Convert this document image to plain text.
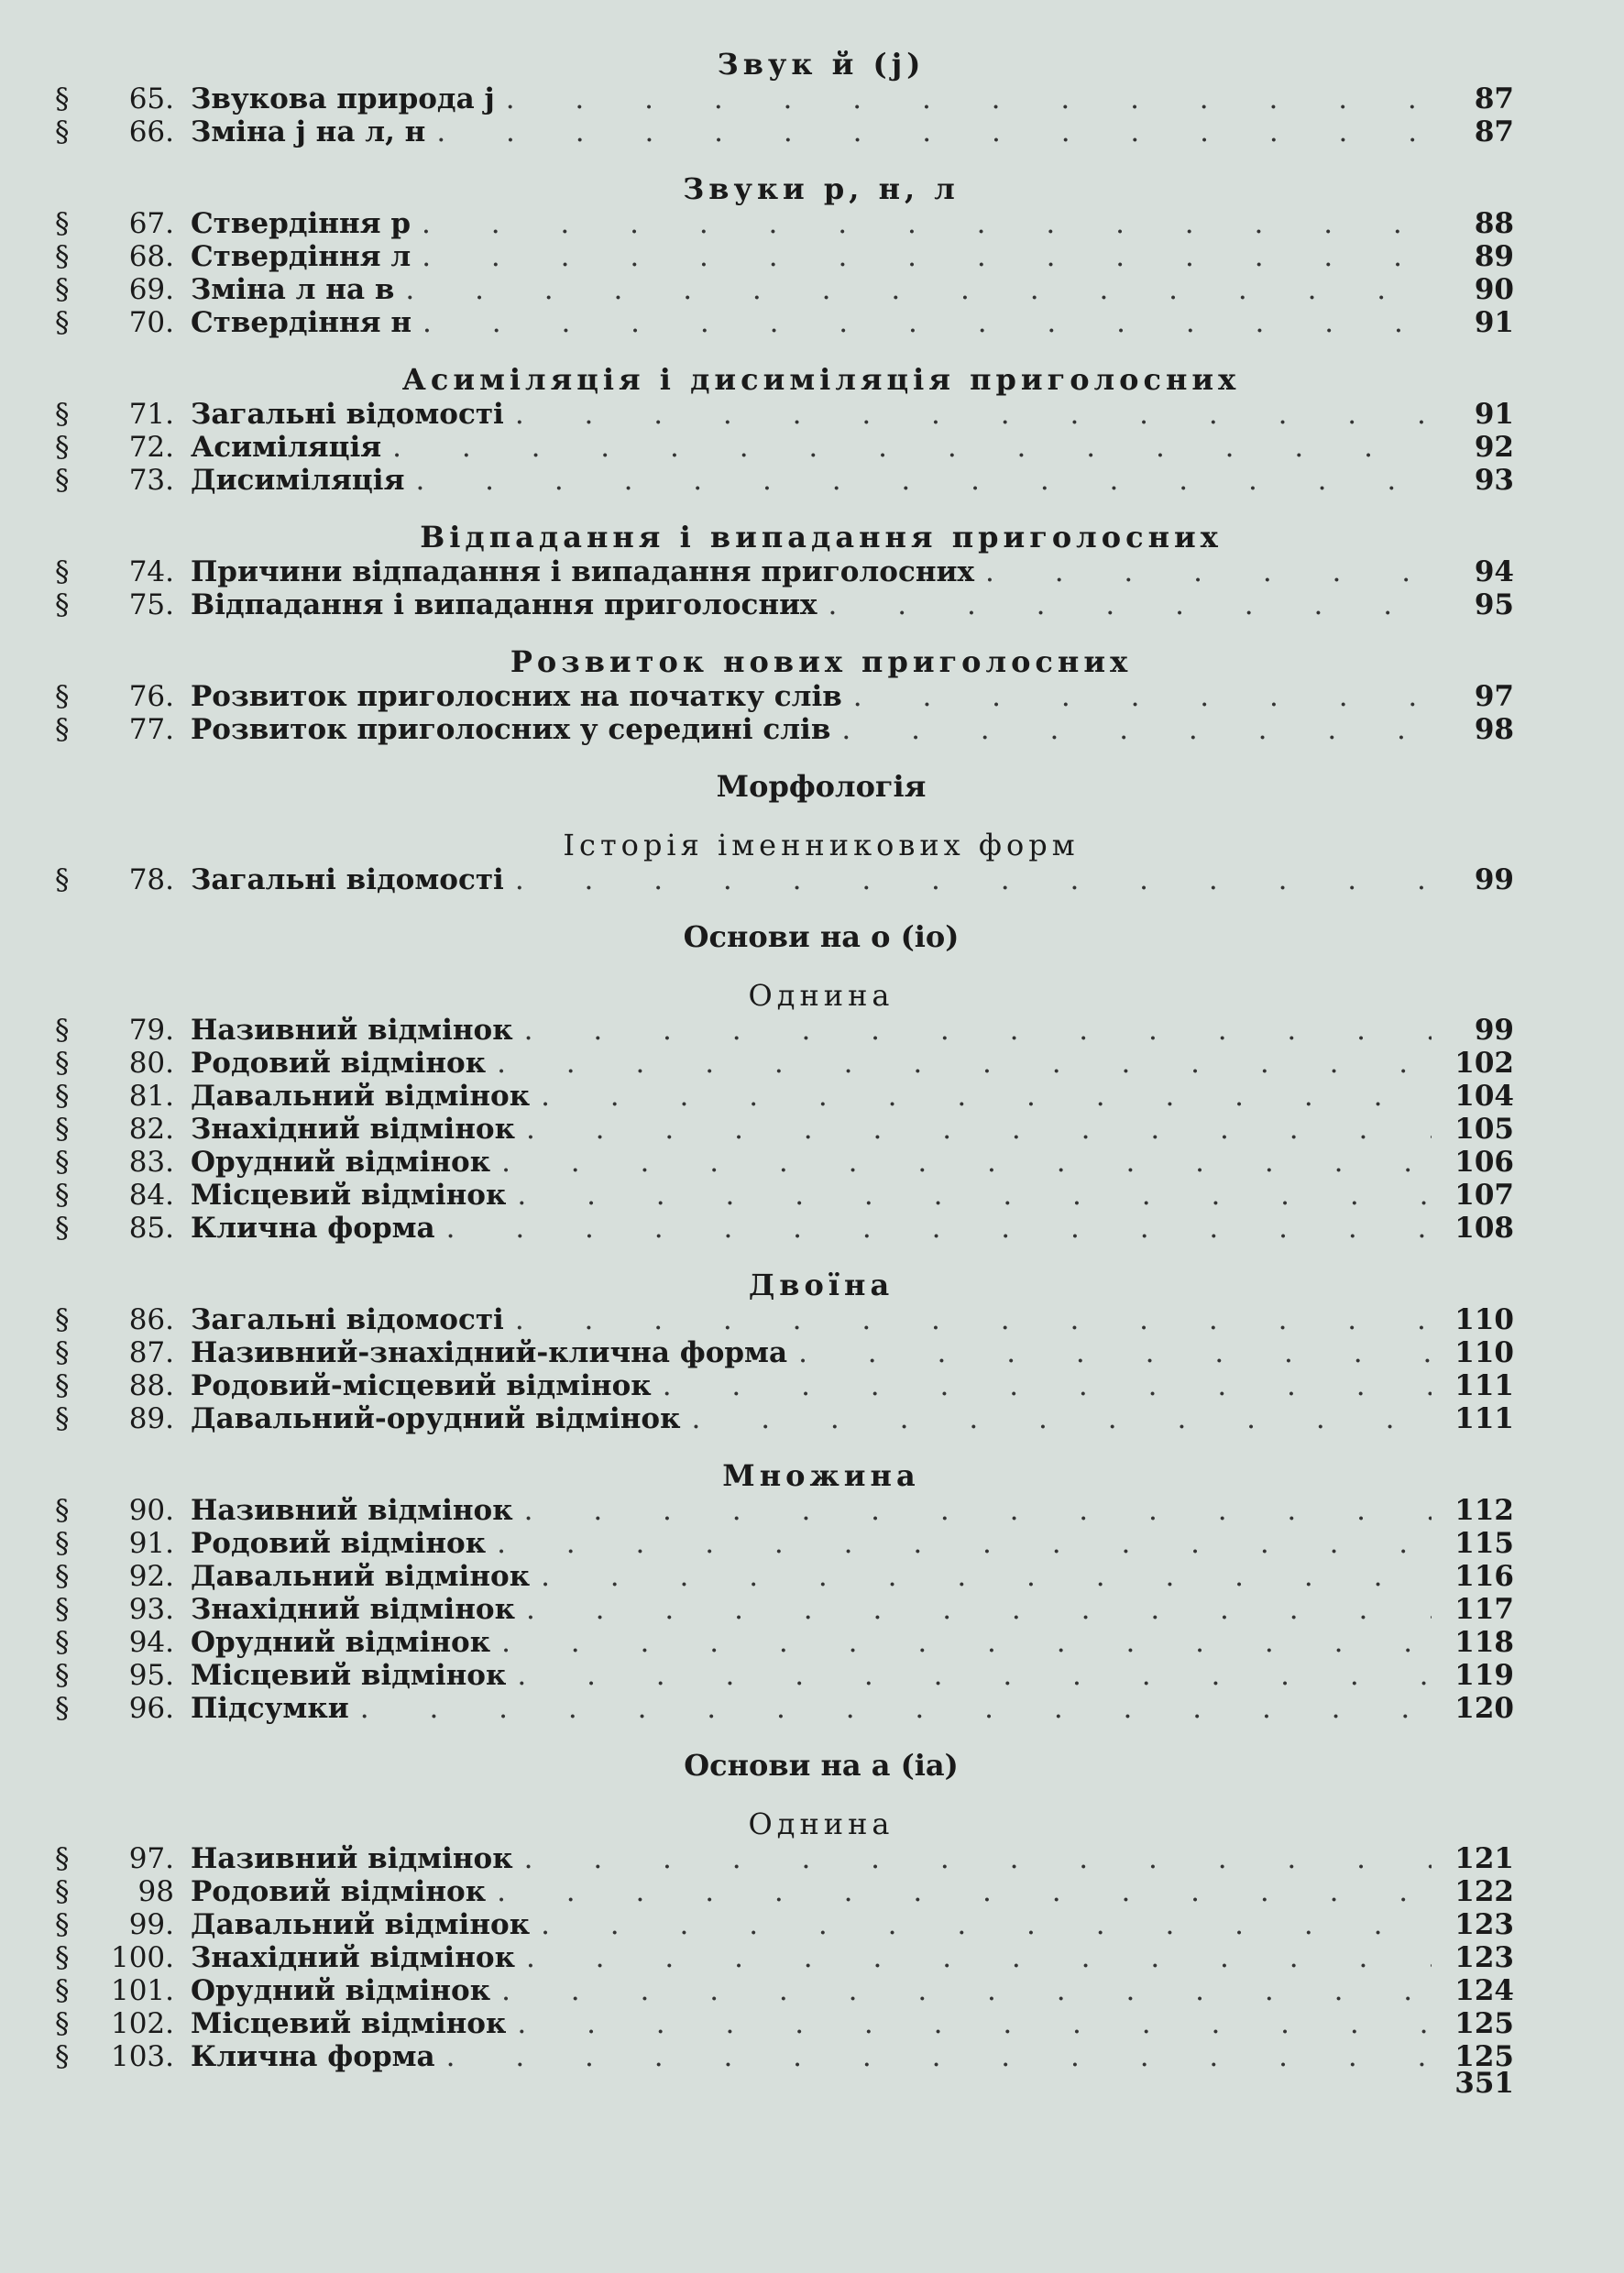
Звук й (j)
§	65. Звукова природа j . . .	87
§	66. Зміна j на л, н . . .	87
Звуки р, н, л
§	67. Ствердіння р . . .	88
§	68. Ствердіння л . . .	89
§	69. Зміна л на в . . .	90
§	70. Ствердіння н . . .	91
Асиміляція і дисиміляція приголосних
§	71. Загальні відомості . . .	91
§	72. Асиміляція . . .	92
§	73. Дисиміляція . . .	93
Відпадання і випадання приголосних
§	74. Причини відпадання і випадання приголосних . . .	94
§	75. Відпадання і випадання приголосних . . .	95
Розвиток нових приголосних
§	76. Розвиток приголосних на початку слів . . .	97
§	77. Розвиток приголосних у середині слів . . .	98
Морфологія
Історія іменникових форм
§	78. Загальні відомості . . .	99
Основи на о (іо)
Однина
§	79. Називний відмінок . . .	99
§	80. Родовий відмінок . . .	102
§	81. Давальний відмінок . . .	104
§	82. Знахідний відмінок . . .	105
§	83. Орудний відмінок . . .	106
§	84. Місцевий відмінок . . .	107
§	85. Кличнa форма . . .	108
Двоїна
§	86. Загальні відомості . . .	110
§	87. Називний-знахідний-клична форма . . .	110
§	88. Родовий-місцевий відмінок . . .	111
§	89. Давальний-орудний відмінок . . .	111
Множина
§	90. Називний відмінок . . .	112
§	91. Родовий відмінок . . .	115
§	92. Давальний відмінок . . .	116
§	93. Знахідний відмінок . . .	117
§	94. Орудний відмінок . . .	118
§	95. Місцевий відмінок . . .	119
§	96. Підсумки . . .	120
Основи на а (іа)
Однина
§	97. Називний відмінок . . .	121
§	98 Родовий відмінок . . .	122
§	99. Давальний відмінок . . .	123
§	100. Знахідний відмінок . . .	123
§	101. Орудний відмінок . . .	124
§	102. Місцевий відмінок . . .	125
§	103. Кличнa форма . . .	125
351
